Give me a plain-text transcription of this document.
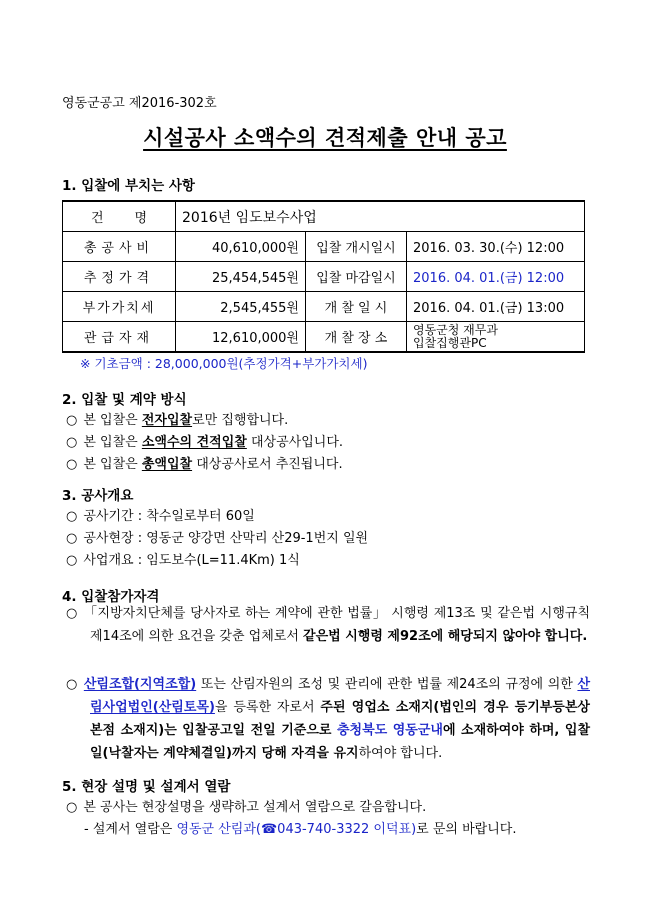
영동군공고 제2016-302호
시설공사 소액수의 견적제출 안내 공고
1. 입찰에 부치는 사항
건 명	2016년 임도보수사업		
총공사비	40,610,000원	입찰 개시일시	2016. 03. 30.(수) 12:00
추정가격	25,454,545원	입찰 마감일시	2016. 04. 01.(금) 12:00
부가가치세	2,545,455원	개 찰 일 시	2016. 04. 01.(금) 13:00
관급자재	12,610,000원	개 찰 장 소	영동군청 재무과
입찰집행관PC
※ 기초금액 : 28,000,000원(추정가격+부가가치세)
2. 입찰 및 계약 방식
○ 본 입찰은 전자입찰로만 집행합니다.
○ 본 입찰은 소액수의 견적입찰 대상공사입니다.
○ 본 입찰은 총액입찰 대상공사로서 추진됩니다.
3. 공사개요
○ 공사기간 : 착수일로부터 60일
○ 공사현장 : 영동군 양강면 산막리 산29-1번지 일원
○ 사업개요 : 임도보수(L=11.4Km) 1식
4. 입찰참가자격
○ 「지방자치단체를 당사자로 하는 계약에 관한 법률」 시행령 제13조 및 같은법 시행규칙 제14조에 의한 요건을 갖춘 업체로서 같은법 시행령 제92조에 해당되지 않아야 합니다.
○ 산림조합(지역조합) 또는 산림자원의 조성 및 관리에 관한 법률 제24조의 규정에 의한 산림사업법인(산림토목)을 등록한 자로서 주된 영업소 소재지(법인의 경우 등기부등본상 본점 소재지)는 입찰공고일 전일 기준으로 충청북도 영동군내에 소재하여야 하며, 입찰일(낙찰자는 계약체결일)까지 당해 자격을 유지하여야 합니다.
5. 현장 설명 및 설계서 열람
○ 본 공사는 현장설명을 생략하고 설계서 열람으로 갈음합니다.
- 설계서 열람은 영동군 산림과(☎043-740-3322 이덕표)로 문의 바랍니다.
